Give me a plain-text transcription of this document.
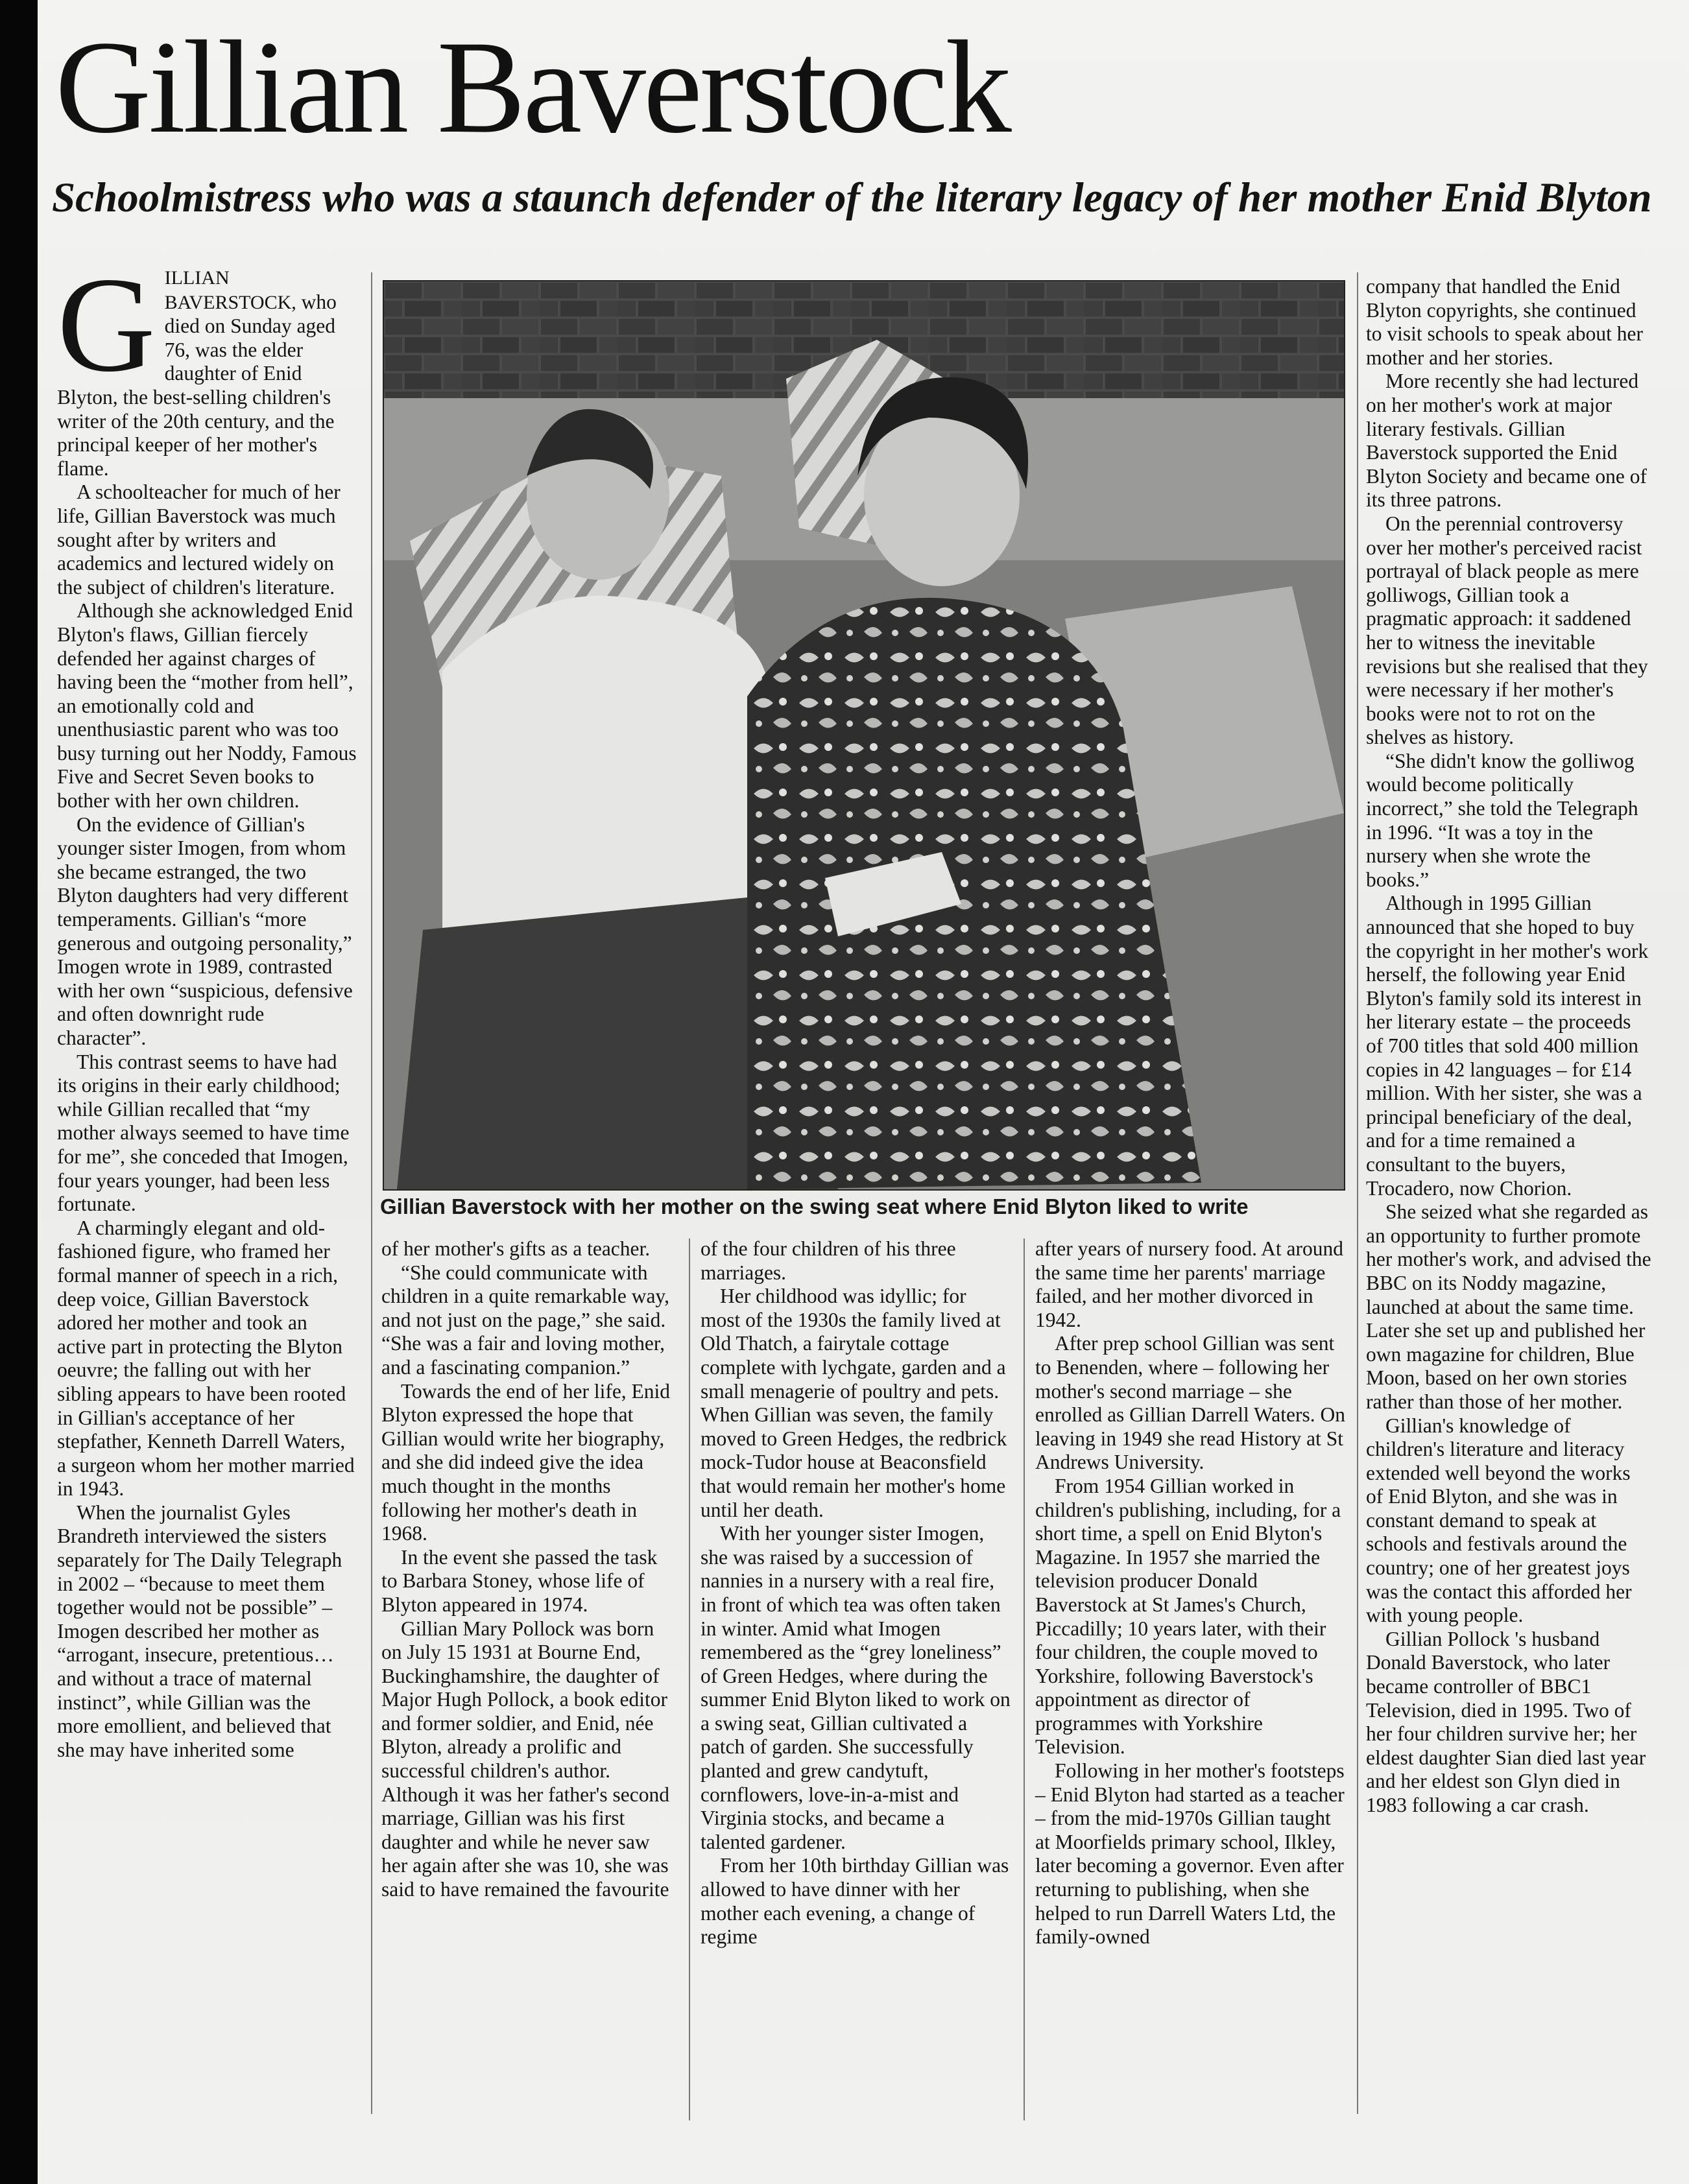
Gillian Baverstock
Schoolmistress who was a staunch defender of the literary legacy of her mother Enid Blyton

GILLIAN BAVERSTOCK, who died on Sunday aged 76, was the elder daughter of Enid Blyton, the best-selling children's writer of the 20th century, and the principal keeper of her mother's flame.

A schoolteacher for much of her life, Gillian Baverstock was much sought after by writers and academics and lectured widely on the subject of children's literature.

Although she acknowledged Enid Blyton's flaws, Gillian fiercely defended her against charges of having been the “mother from hell”, an emotionally cold and unenthusiastic parent who was too busy turning out her Noddy, Famous Five and Secret Seven books to bother with her own children.

On the evidence of Gillian's younger sister Imogen, from whom she became estranged, the two Blyton daughters had very different temperaments. Gillian's “more generous and outgoing personality,” Imogen wrote in 1989, contrasted with her own “suspicious, defensive and often downright rude character”.

This contrast seems to have had its origins in their early childhood; while Gillian recalled that “my mother always seemed to have time for me”, she conceded that Imogen, four years younger, had been less fortunate.

A charmingly elegant and old-fashioned figure, who framed her formal manner of speech in a rich, deep voice, Gillian Baverstock adored her mother and took an active part in protecting the Blyton oeuvre; the falling out with her sibling appears to have been rooted in Gillian's acceptance of her stepfather, Kenneth Darrell Waters, a surgeon whom her mother married in 1943.

When the journalist Gyles Brandreth interviewed the sisters separately for The Daily Telegraph in 2002 – “because to meet them together would not be possible” – Imogen described her mother as “arrogant, insecure, pretentious… and without a trace of maternal instinct”, while Gillian was the more emollient, and believed that she may have inherited some

Gillian Baverstock with her mother on the swing seat where Enid Blyton liked to write

of her mother's gifts as a teacher.

“She could communicate with children in a quite remarkable way, and not just on the page,” she said. “She was a fair and loving mother, and a fascinating companion.”

Towards the end of her life, Enid Blyton expressed the hope that Gillian would write her biography, and she did indeed give the idea much thought in the months following her mother's death in 1968.

In the event she passed the task to Barbara Stoney, whose life of Blyton appeared in 1974.

Gillian Mary Pollock was born on July 15 1931 at Bourne End, Buckinghamshire, the daughter of Major Hugh Pollock, a book editor and former soldier, and Enid, née Blyton, already a prolific and successful children's author. Although it was her father's second marriage, Gillian was his first daughter and while he never saw her again after she was 10, she was said to have remained the favourite

of the four children of his three marriages.

Her childhood was idyllic; for most of the 1930s the family lived at Old Thatch, a fairytale cottage complete with lychgate, garden and a small menagerie of poultry and pets. When Gillian was seven, the family moved to Green Hedges, the redbrick mock-Tudor house at Beaconsfield that would remain her mother's home until her death.

With her younger sister Imogen, she was raised by a succession of nannies in a nursery with a real fire, in front of which tea was often taken in winter. Amid what Imogen remembered as the “grey loneliness” of Green Hedges, where during the summer Enid Blyton liked to work on a swing seat, Gillian cultivated a patch of garden. She successfully planted and grew candytuft, cornflowers, love-in-a-mist and Virginia stocks, and became a talented gardener.

From her 10th birthday Gillian was allowed to have dinner with her mother each evening, a change of regime

after years of nursery food. At around the same time her parents' marriage failed, and her mother divorced in 1942.

After prep school Gillian was sent to Benenden, where – following her mother's second marriage – she enrolled as Gillian Darrell Waters. On leaving in 1949 she read History at St Andrews University.

From 1954 Gillian worked in children's publishing, including, for a short time, a spell on Enid Blyton's Magazine. In 1957 she married the television producer Donald Baverstock at St James's Church, Piccadilly; 10 years later, with their four children, the couple moved to Yorkshire, following Baverstock's appointment as director of programmes with Yorkshire Television.

Following in her mother's footsteps – Enid Blyton had started as a teacher – from the mid-1970s Gillian taught at Moorfields primary school, Ilkley, later becoming a governor. Even after returning to publishing, when she helped to run Darrell Waters Ltd, the family-owned

company that handled the Enid Blyton copyrights, she continued to visit schools to speak about her mother and her stories.

More recently she had lectured on her mother's work at major literary festivals. Gillian Baverstock supported the Enid Blyton Society and became one of its three patrons.

On the perennial controversy over her mother's perceived racist portrayal of black people as mere golliwogs, Gillian took a pragmatic approach: it saddened her to witness the inevitable revisions but she realised that they were necessary if her mother's books were not to rot on the shelves as history.

“She didn't know the golliwog would become politically incorrect,” she told the Telegraph in 1996. “It was a toy in the nursery when she wrote the books.”

Although in 1995 Gillian announced that she hoped to buy the copyright in her mother's work herself, the following year Enid Blyton's family sold its interest in her literary estate – the proceeds of 700 titles that sold 400 million copies in 42 languages – for £14 million. With her sister, she was a principal beneficiary of the deal, and for a time remained a consultant to the buyers, Trocadero, now Chorion.

She seized what she regarded as an opportunity to further promote her mother's work, and advised the BBC on its Noddy magazine, launched at about the same time. Later she set up and published her own magazine for children, Blue Moon, based on her own stories rather than those of her mother.

Gillian's knowledge of children's literature and literacy extended well beyond the works of Enid Blyton, and she was in constant demand to speak at schools and festivals around the country; one of her greatest joys was the contact this afforded her with young people.

Gillian Pollock 's husband Donald Baverstock, who later became controller of BBC1 Television, died in 1995. Two of her four children survive her; her eldest daughter Sian died last year and her eldest son Glyn died in 1983 following a car crash.
